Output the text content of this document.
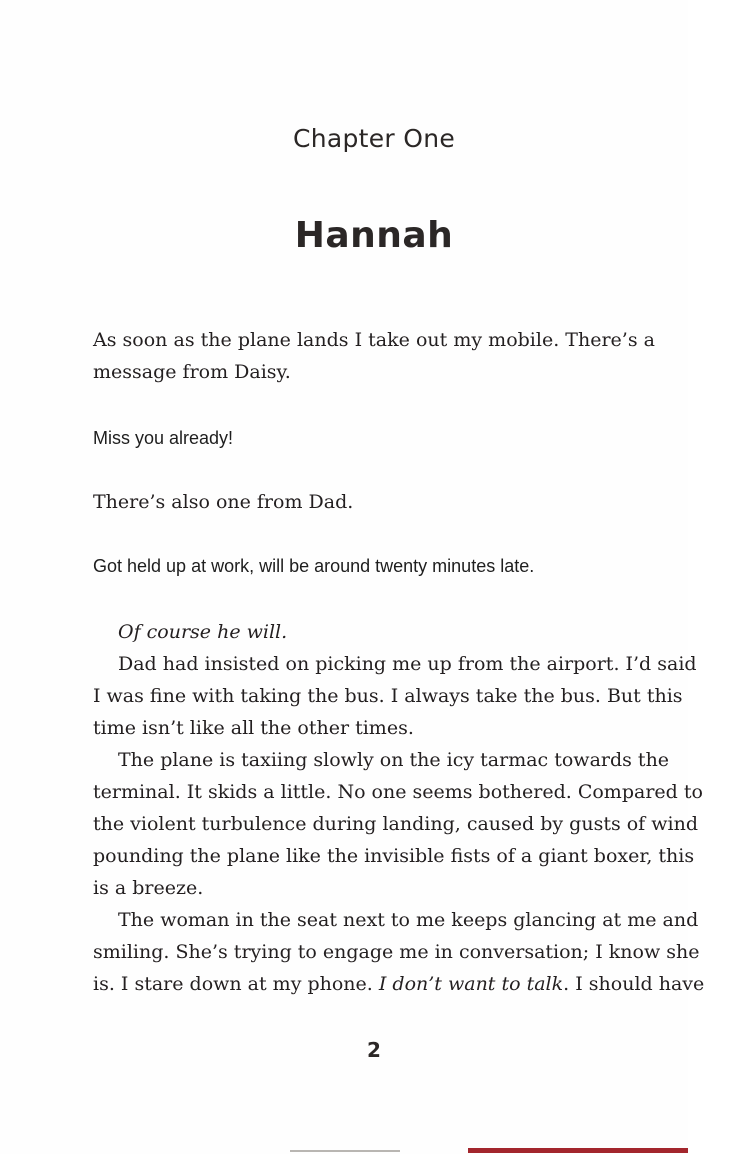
Chapter One
Hannah
As soon as the plane lands I take out my mobile. There’s a
message from Daisy.
Miss you already!
There’s also one from Dad.
Got held up at work, will be around twenty minutes late.
Of course he will.
Dad had insisted on picking me up from the airport. I’d said
I was fine with taking the bus. I always take the bus. But this
time isn’t like all the other times.
The plane is taxiing slowly on the icy tarmac towards the
terminal. It skids a little. No one seems bothered. Compared to
the violent turbulence during landing, caused by gusts of wind
pounding the plane like the invisible fists of a giant boxer, this
is a breeze.
The woman in the seat next to me keeps glancing at me and
smiling. She’s trying to engage me in conversation; I know she
is. I stare down at my phone. I don’t want to talk. I should have
2
